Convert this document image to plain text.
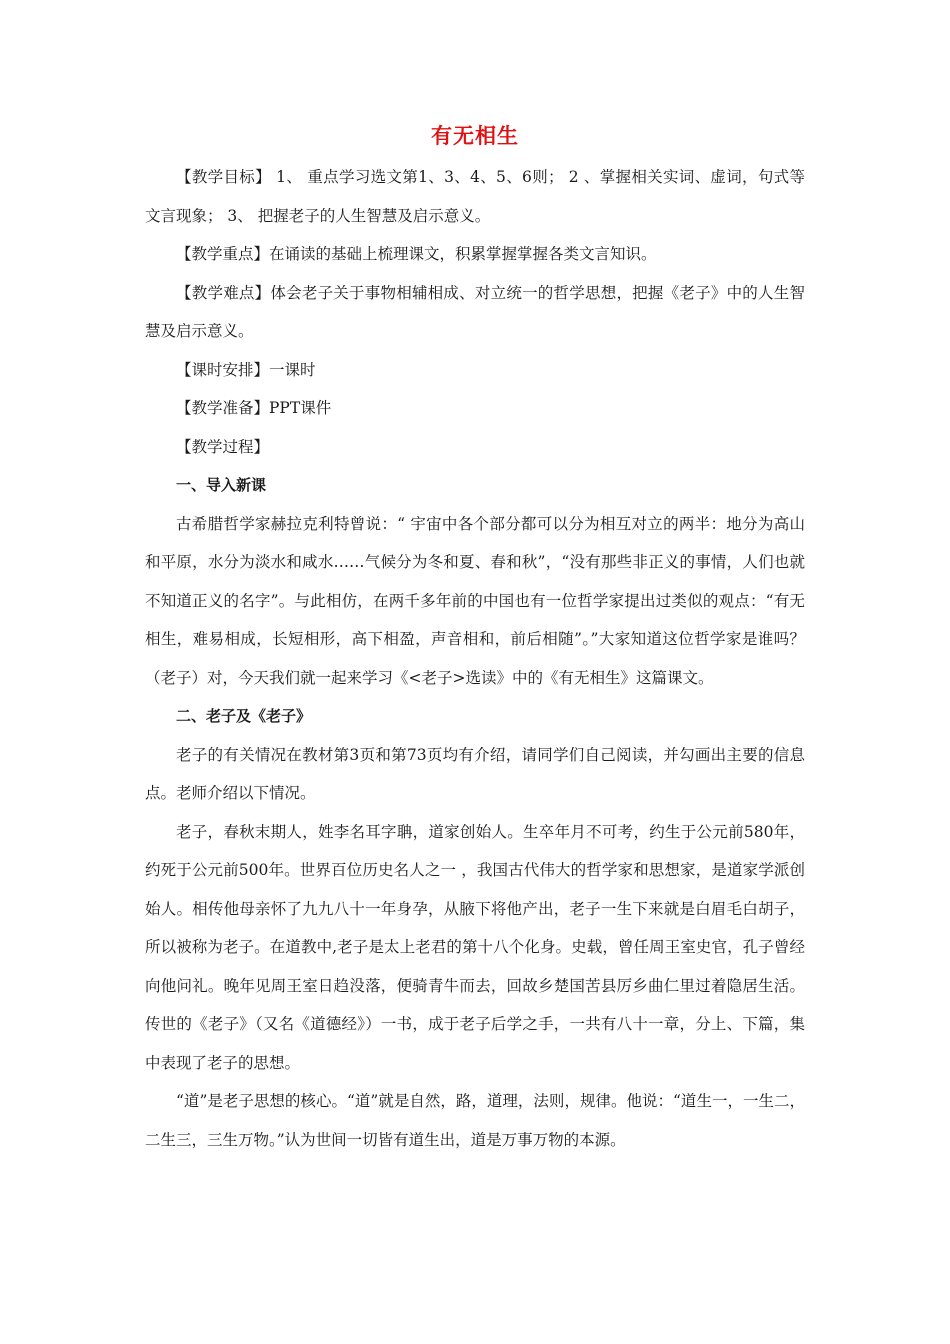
有无相生

【教学目标】 1、 重点学习选文第1、3、4、5、6则； 2 、掌握相关实词、虚词，句式等文言现象； 3、 把握老子的人生智慧及启示意义。

【教学重点】在诵读的基础上梳理课文，积累掌握掌握各类文言知识。

【教学难点】体会老子关于事物相辅相成、对立统一的哲学思想，把握《老子》中的人生智慧及启示意义。

【课时安排】一课时

【教学准备】PPT课件

【教学过程】

一、导入新课

古希腊哲学家赫拉克利特曾说：“ 宇宙中各个部分都可以分为相互对立的两半：地分为高山和平原，水分为淡水和咸水……气候分为冬和夏、春和秋”，“没有那些非正义的事情，人们也就不知道正义的名字”。与此相仿，在两千多年前的中国也有一位哲学家提出过类似的观点：“有无相生，难易相成，长短相形，高下相盈，声音相和，前后相随”。”大家知道这位哲学家是谁吗？（老子）对，今天我们就一起来学习《<老子>选读》中的《有无相生》这篇课文。

二、老子及《老子》

老子的有关情况在教材第3页和第73页均有介绍，请同学们自己阅读，并勾画出主要的信息点。老师介绍以下情况。

老子，春秋末期人，姓李名耳字聃，道家创始人。生卒年月不可考，约生于公元前580年，约死于公元前500年。世界百位历史名人之一 ，我国古代伟大的哲学家和思想家，是道家学派创始人。相传他母亲怀了九九八十一年身孕，从腋下将他产出，老子一生下来就是白眉毛白胡子，所以被称为老子。在道教中,老子是太上老君的第十八个化身。史载，曾任周王室史官，孔子曾经向他问礼。晚年见周王室日趋没落，便骑青牛而去，回故乡楚国苦县厉乡曲仁里过着隐居生活。传世的《老子》（又名《道德经》）一书，成于老子后学之手，一共有八十一章，分上、下篇，集中表现了老子的思想。

“道”是老子思想的核心。“道”就是自然，路，道理，法则，规律。他说：“道生一，一生二，二生三，三生万物。”认为世间一切皆有道生出，道是万事万物的本源。
